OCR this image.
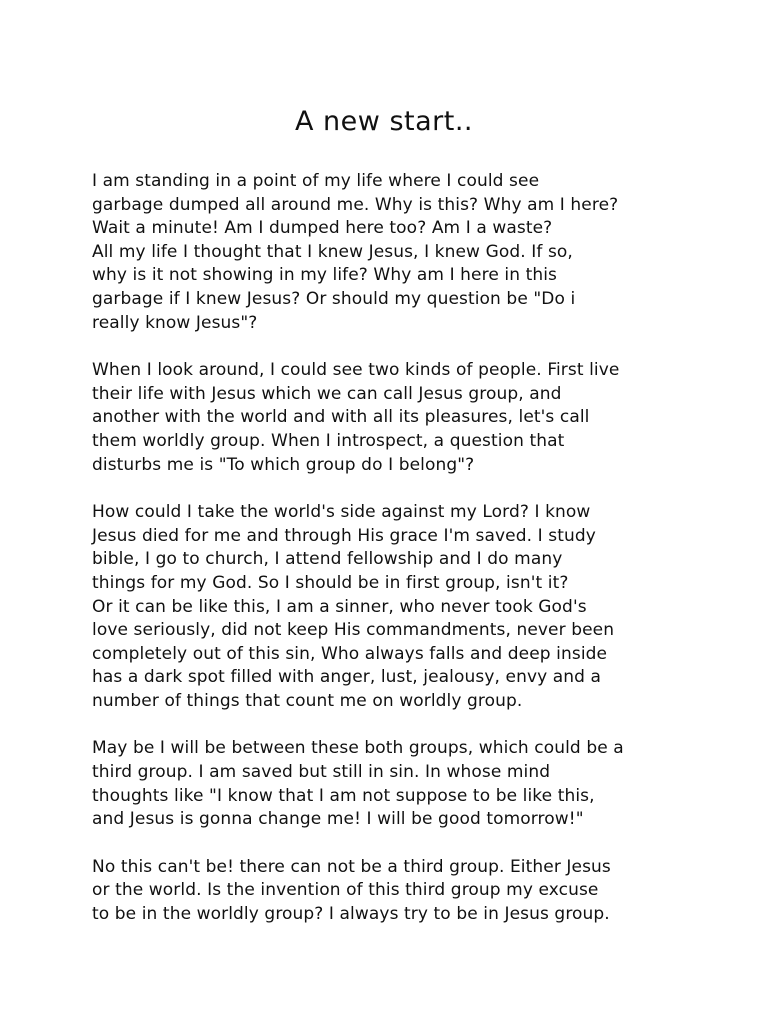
A new start..

I am standing in a point of my life where I could see
garbage dumped all around me. Why is this? Why am I here?
Wait a minute! Am I dumped here too? Am I a waste?
All my life I thought that I knew Jesus, I knew God. If so,
why is it not showing in my life? Why am I here in this
garbage if I knew Jesus? Or should my question be "Do i
really know Jesus"?

When I look around, I could see two kinds of people. First live
their life with Jesus which we can call Jesus group, and
another with the world and with all its pleasures, let's call
them worldly group. When I introspect, a question that
disturbs me is "To which group do I belong"?

How could I take the world's side against my Lord? I know
Jesus died for me and through His grace I'm saved. I study
bible, I go to church, I attend fellowship and I do many
things for my God. So I should be in first group, isn't it?
Or it can be like this, I am a sinner, who never took God's
love seriously, did not keep His commandments, never been
completely out of this sin, Who always falls and deep inside
has a dark spot filled with anger, lust, jealousy, envy and a
number of things that count me on worldly group.

May be I will be between these both groups, which could be a
third group. I am saved but still in sin. In whose mind
thoughts like "I know that I am not suppose to be like this,
and Jesus is gonna change me! I will be good tomorrow!"

No this can't be! there can not be a third group. Either Jesus
or the world. Is the invention of this third group my excuse
to be in the worldly group? I always try to be in Jesus group.
